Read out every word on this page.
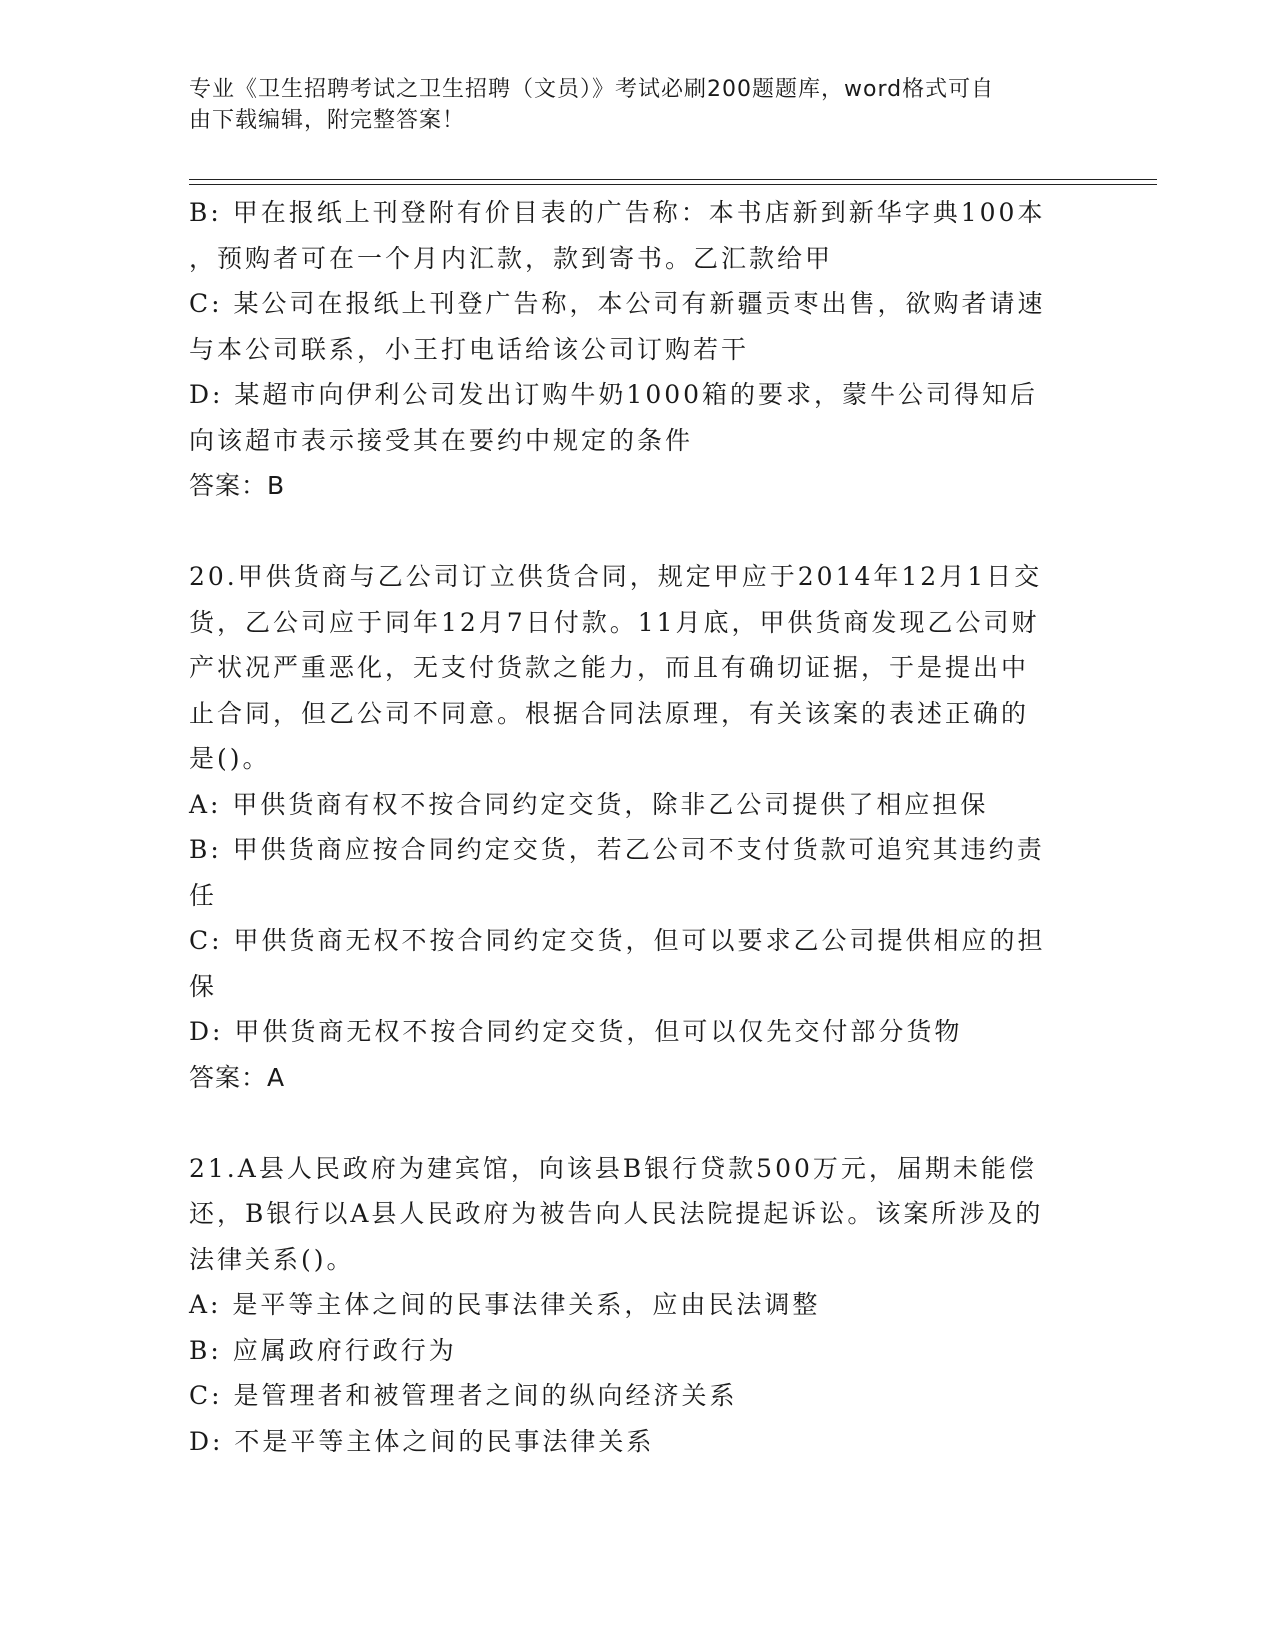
专业《卫生招聘考试之卫生招聘（文员）》考试必刷200题题库，word格式可自
由下载编辑，附完整答案！
B: 甲在报纸上刊登附有价目表的广告称：本书店新到新华字典100本
，预购者可在一个月内汇款，款到寄书。乙汇款给甲
C: 某公司在报纸上刊登广告称，本公司有新疆贡枣出售，欲购者请速
与本公司联系，小王打电话给该公司订购若干
D: 某超市向伊利公司发出订购牛奶1000箱的要求，蒙牛公司得知后
向该超市表示接受其在要约中规定的条件
答案：B
20.甲供货商与乙公司订立供货合同，规定甲应于2014年12月1日交
货，乙公司应于同年12月7日付款。11月底，甲供货商发现乙公司财
产状况严重恶化，无支付货款之能力，而且有确切证据，于是提出中
止合同，但乙公司不同意。根据合同法原理，有关该案的表述正确的
是()。
A: 甲供货商有权不按合同约定交货，除非乙公司提供了相应担保
B: 甲供货商应按合同约定交货，若乙公司不支付货款可追究其违约责
任
C: 甲供货商无权不按合同约定交货，但可以要求乙公司提供相应的担
保
D: 甲供货商无权不按合同约定交货，但可以仅先交付部分货物
答案：A
21.A县人民政府为建宾馆，向该县B银行贷款500万元，届期未能偿
还，B银行以A县人民政府为被告向人民法院提起诉讼。该案所涉及的
法律关系()。
A: 是平等主体之间的民事法律关系，应由民法调整
B: 应属政府行政行为
C: 是管理者和被管理者之间的纵向经济关系
D: 不是平等主体之间的民事法律关系
